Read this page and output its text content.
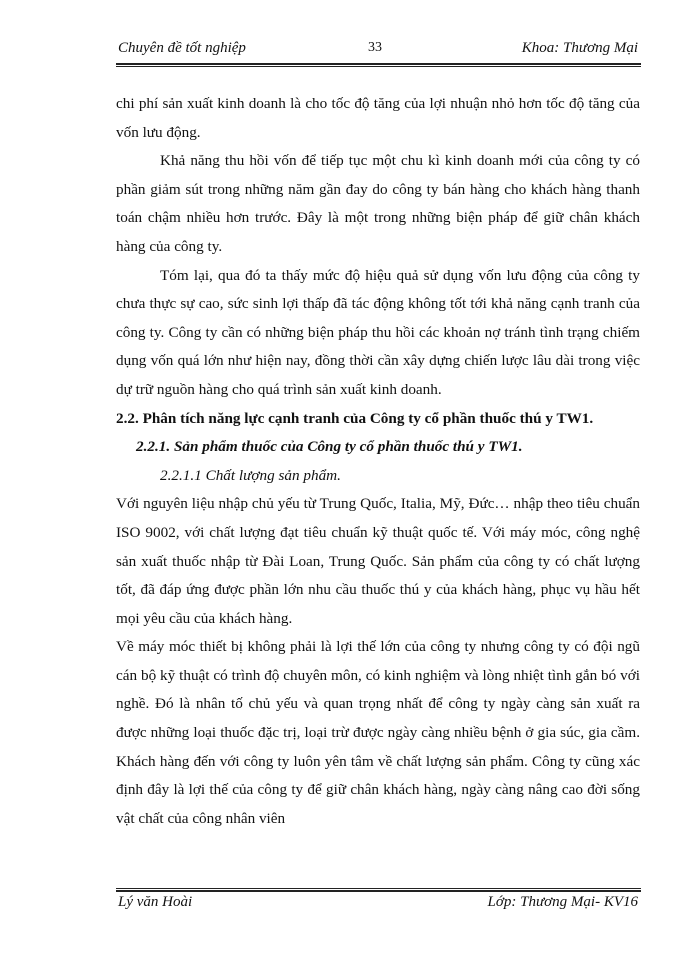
Chuyên đề tốt nghiệp	33	Khoa: Thương Mại

chi phí sản xuất kinh doanh là cho tốc độ tăng của lợi nhuận nhỏ hơn tốc độ tăng của vốn lưu động.

Khả năng thu hồi vốn để tiếp tục một chu kì kinh doanh mới của công ty có phần giảm sút trong những năm gần đay do công ty bán hàng cho khách hàng thanh toán chậm nhiều hơn trước. Đây là một trong những biện pháp để giữ chân khách hàng của công ty.

Tóm lại, qua đó ta thấy mức độ hiệu quả sử dụng vốn lưu động của công ty chưa thực sự cao, sức sinh lợi thấp đã tác động không tốt tới khả năng cạnh tranh của công ty. Công ty cần có những biện pháp thu hồi các khoản nợ tránh tình trạng chiếm dụng vốn quá lớn như hiện nay, đồng thời cần xây dựng chiến lược lâu dài trong việc dự trữ nguồn hàng cho quá trình sản xuất kinh doanh.

2.2. Phân tích năng lực cạnh tranh của Công ty cổ phần thuốc thú y TW1.

2.2.1. Sản phẩm thuốc của Công ty cổ phần thuốc thú y TW1.

2.2.1.1 Chất lượng sản phẩm.

Với nguyên liệu nhập chủ yếu từ Trung Quốc, Italia, Mỹ, Đức… nhập theo tiêu chuẩn ISO 9002, với chất lượng đạt tiêu chuẩn kỹ thuật quốc tế. Với máy móc, công nghệ sản xuất thuốc nhập từ Đài Loan, Trung Quốc. Sản phẩm của công ty có chất lượng tốt, đã đáp ứng được phần lớn nhu cầu thuốc thú y của khách hàng, phục vụ hầu hết mọi yêu cầu của khách hàng.

Về máy móc thiết bị không phải là lợi thế lớn của công ty nhưng công ty có đội ngũ cán bộ kỹ thuật có trình độ chuyên môn, có kinh nghiệm và lòng nhiệt tình gắn bó với nghề. Đó là nhân tố chủ yếu và quan trọng nhất để công ty ngày càng sản xuất ra được những loại thuốc đặc trị, loại trừ được ngày càng nhiều bệnh ở gia súc, gia cầm. Khách hàng đến với công ty luôn yên tâm về chất lượng sản phẩm. Công ty cũng xác định đây là lợi thế của công ty để giữ chân khách hàng, ngày càng nâng cao đời sống vật chất của công nhân viên

Lý văn Hoài	Lớp: Thương Mại- KV16
